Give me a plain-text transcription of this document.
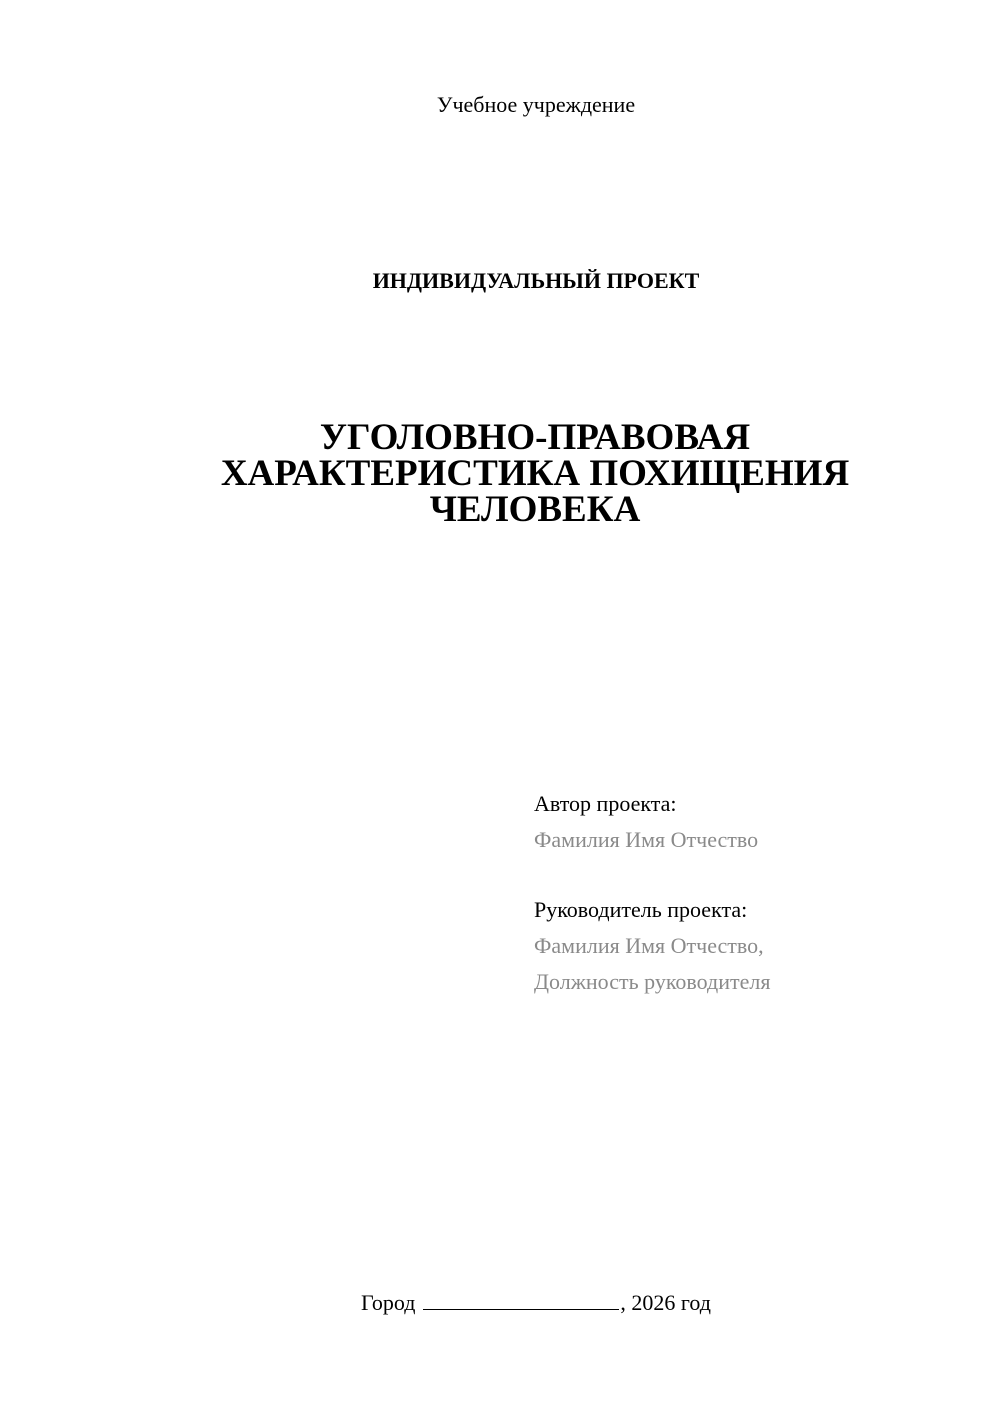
Учебное учреждение
ИНДИВИДУАЛЬНЫЙ ПРОЕКТ
УГОЛОВНО-ПРАВОВАЯ
ХАРАКТЕРИСТИКА ПОХИЩЕНИЯ
ЧЕЛОВЕКА
Автор проекта:
Фамилия Имя Отчество
Руководитель проекта:
Фамилия Имя Отчество,
Должность руководителя
Город	, 2026 год
